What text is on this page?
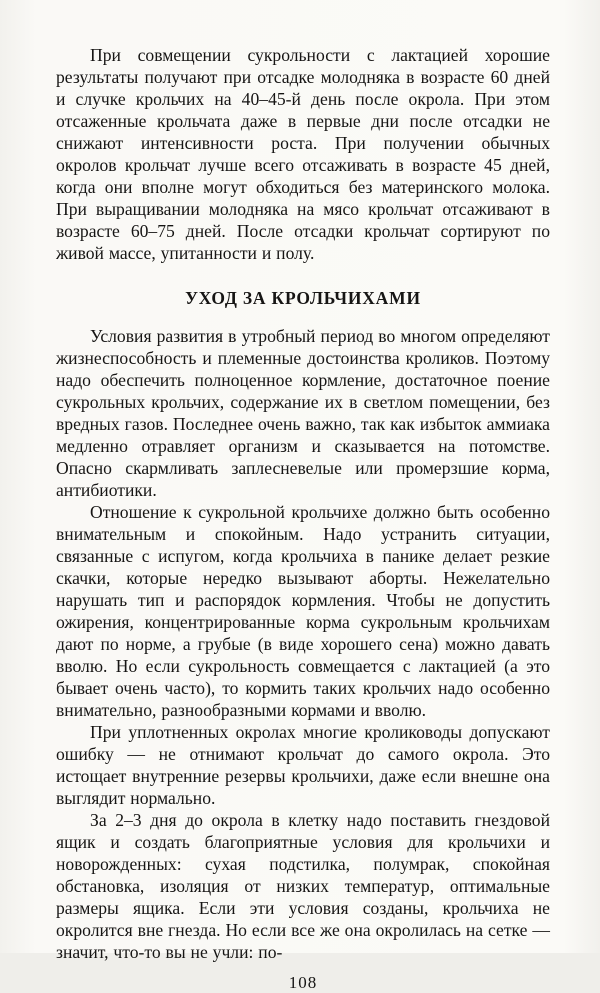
При совмещении сукрольности с лактацией хорошие результаты получают при отсадке молодняка в возрасте 60 дней и случке крольчих на 40–45-й день после окрола. При этом отсаженные крольчата даже в первые дни после отсадки не снижают интенсивности роста. При получении обычных окролов крольчат лучше всего отсаживать в возрасте 45 дней, когда они вполне могут обходиться без материнского молока. При выращивании молодняка на мясо крольчат отсаживают в возрасте 60–75 дней. После отсадки крольчат сортируют по живой массе, упитанности и полу.

УХОД ЗА КРОЛЬЧИХАМИ

Условия развития в утробный период во многом определяют жизнеспособность и племенные достоинства кроликов. Поэтому надо обеспечить полноценное кормление, достаточное поение сукрольных крольчих, содержание их в светлом помещении, без вредных газов. Последнее очень важно, так как избыток аммиака медленно отравляет организм и сказывается на потомстве. Опасно скармливать заплесневелые или промерзшие корма, антибиотики.

Отношение к сукрольной крольчихе должно быть особенно внимательным и спокойным. Надо устранить ситуации, связанные с испугом, когда крольчиха в панике делает резкие скачки, которые нередко вызывают аборты. Нежелательно нарушать тип и распорядок кормления. Чтобы не допустить ожирения, концентрированные корма сукрольным крольчихам дают по норме, а грубые (в виде хорошего сена) можно давать вволю. Но если сукрольность совмещается с лактацией (а это бывает очень часто), то кормить таких крольчих надо особенно внимательно, разнообразными кормами и вволю.

При уплотненных окролах многие кролиководы допускают ошибку — не отнимают крольчат до самого окрола. Это истощает внутренние резервы крольчихи, даже если внешне она выглядит нормально.

За 2–3 дня до окрола в клетку надо поставить гнездовой ящик и создать благоприятные условия для крольчихи и новорожденных: сухая подстилка, полумрак, спокойная обстановка, изоляция от низких температур, оптимальные размеры ящика. Если эти условия созданы, крольчиха не окролится вне гнезда. Но если все же она окролилась на сетке — значит, что-то вы не учли: по-

108
